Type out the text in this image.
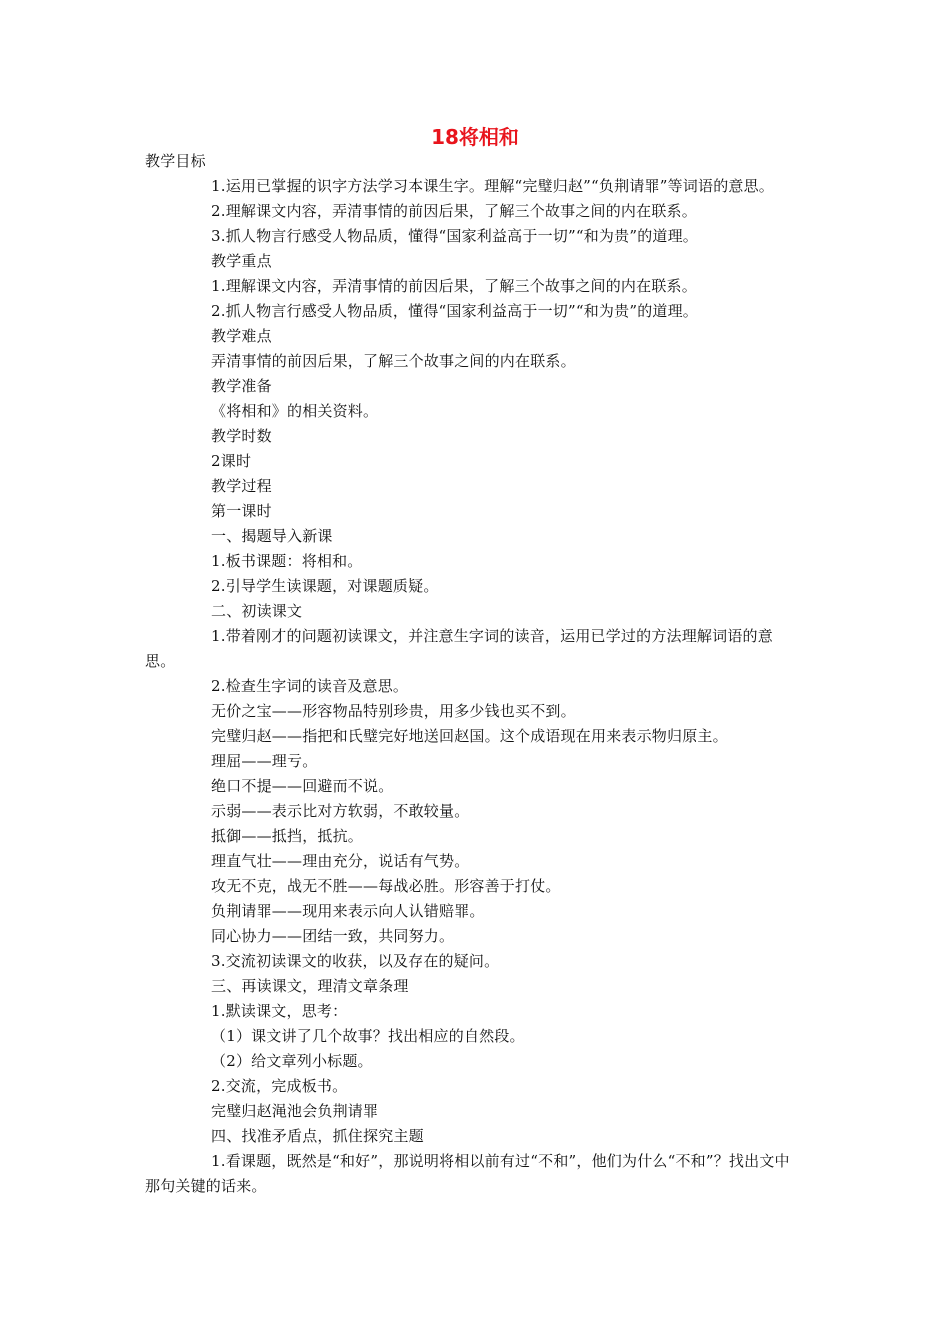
18将相和

教学目标

1.运用已掌握的识字方法学习本课生字。理解“完璧归赵”“负荆请罪”等词语的意思。

2.理解课文内容，弄清事情的前因后果，了解三个故事之间的内在联系。

3.抓人物言行感受人物品质，懂得“国家利益高于一切”“和为贵”的道理。

教学重点

1.理解课文内容，弄清事情的前因后果，了解三个故事之间的内在联系。

2.抓人物言行感受人物品质，懂得“国家利益高于一切”“和为贵”的道理。

教学难点

弄清事情的前因后果，了解三个故事之间的内在联系。

教学准备

《将相和》的相关资料。

教学时数

2课时

教学过程

第一课时

一、揭题导入新课

1.板书课题：将相和。

2.引导学生读课题，对课题质疑。

二、初读课文

1.带着刚才的问题初读课文，并注意生字词的读音，运用已学过的方法理解词语的意思。

2.检查生字词的读音及意思。

无价之宝——形容物品特别珍贵，用多少钱也买不到。

完璧归赵——指把和氏璧完好地送回赵国。这个成语现在用来表示物归原主。

理屈——理亏。

绝口不提——回避而不说。

示弱——表示比对方软弱，不敢较量。

抵御——抵挡，抵抗。

理直气壮——理由充分，说话有气势。

攻无不克，战无不胜——每战必胜。形容善于打仗。

负荆请罪——现用来表示向人认错赔罪。

同心协力——团结一致，共同努力。

3.交流初读课文的收获，以及存在的疑问。

三、再读课文，理清文章条理

1.默读课文，思考：

（1）课文讲了几个故事？找出相应的自然段。

（2）给文章列小标题。

2.交流，完成板书。

完璧归赵渑池会负荆请罪

四、找准矛盾点，抓住探究主题

1.看课题，既然是“和好”，那说明将相以前有过“不和”，他们为什么“不和”？找出文中那句关键的话来。
